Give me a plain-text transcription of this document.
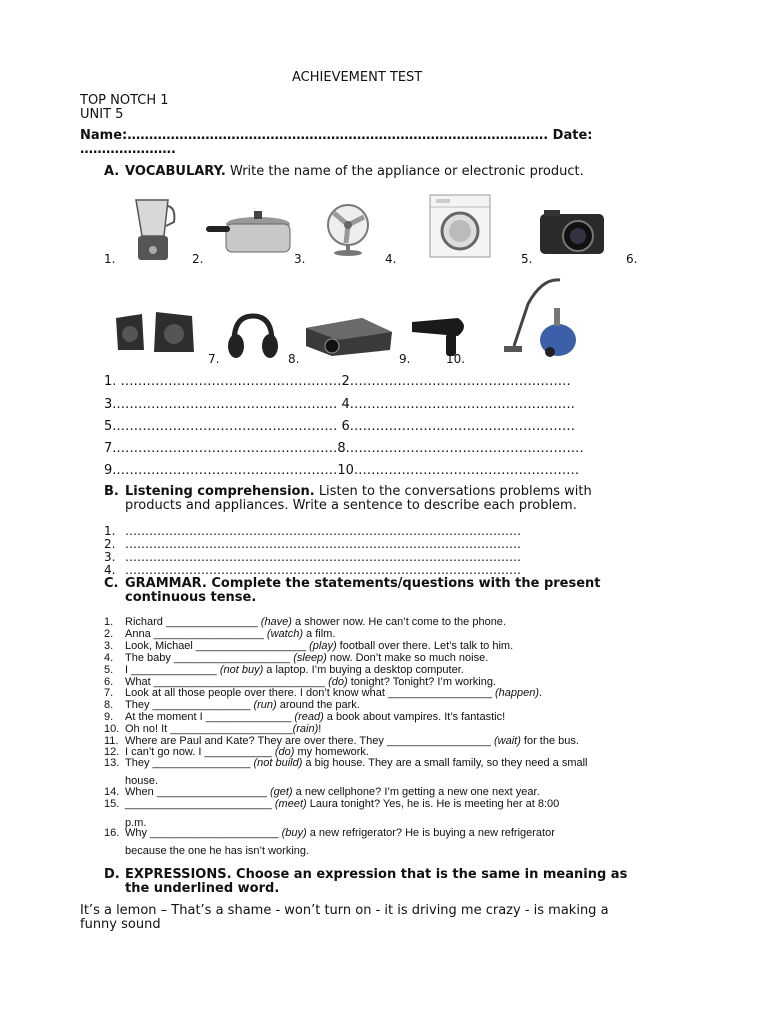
ACHIEVEMENT TEST
TOP NOTCH 1
UNIT 5
Name:……………………………………………………………………………………. Date:
………………….
A. VOCABULARY. Write the name of the appliance or electronic product.
1.	2.	3.	4.	5.	6.
7.	8.	9.	10.
1. ……………………………………………2……………………………………………
3.…………………………………………… 4.……………………………………………
5.…………………………………………… 6.……………………………………………
7.……………………………………………8.………………………………………………
9.……………………………………………10.……………………………………………
B. Listening comprehension. Listen to the conversations problems with
products and appliances. Write a sentence to describe each problem.
1. ………………………………………………………………………………………
2. ………………………………………………………………………………………
3. ………………………………………………………………………………………
4. ………………………………………………………………………………………
C. GRAMMAR. Complete the statements/questions with the present
continuous tense.
1. Richard _______________ (have) a shower now. He can’t come to the phone.
2. Anna __________________ (watch) a film.
3. Look, Michael __________________ (play) football over there. Let’s talk to him.
4. The baby ___________________ (sleep) now. Don’t make so much noise.
5. I ______________ (not buy) a laptop. I’m buying a desktop computer.
6. What ____________________________ (do) tonight? Tonight? I’m working.
7. Look at all those people over there. I don’t know what _________________ (happen).
8. They ________________ (run) around the park.
9. At the moment I ______________ (read) a book about vampires. It’s fantastic!
10. Oh no! It ____________________(rain)!
11. Where are Paul and Kate? They are over there. They _________________ (wait) for the bus.
12. I can’t go now. I ___________ (do) my homework.
13. They ________________ (not build) a big house. They are a small family, so they need a small
house.
14. When __________________ (get) a new cellphone? I’m getting a new one next year.
15. ________________________ (meet) Laura tonight? Yes, he is. He is meeting her at 8:00
p.m.
16. Why _____________________ (buy) a new refrigerator? He is buying a new refrigerator
because the one he has isn’t working.
D. EXPRESSIONS. Choose an expression that is the same in meaning as
the underlined word.
It’s a lemon – That’s a shame - won’t turn on - it is driving me crazy - is making a
funny sound
